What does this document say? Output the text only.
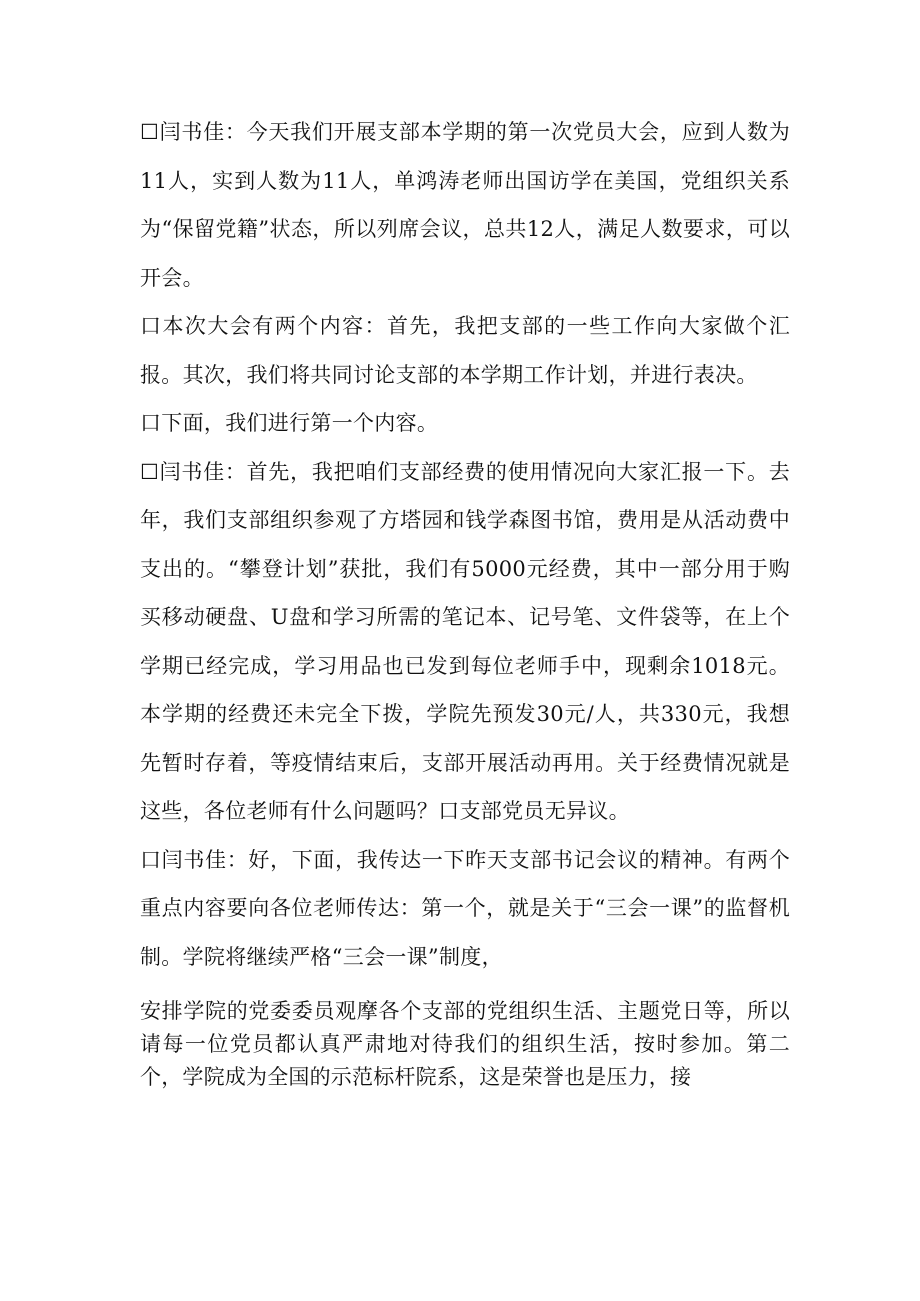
☐闫书佳：今天我们开展支部本学期的第一次党员大会，应到人数为11人，实到人数为11人，单鸿涛老师出国访学在美国，党组织关系为“保留党籍”状态，所以列席会议，总共12人，满足人数要求，可以开会。

口本次大会有两个内容：首先，我把支部的一些工作向大家做个汇报。其次，我们将共同讨论支部的本学期工作计划，并进行表决。

口下面，我们进行第一个内容。

☐闫书佳：首先，我把咱们支部经费的使用情况向大家汇报一下。去年，我们支部组织参观了方塔园和钱学森图书馆，费用是从活动费中支出的。“攀登计划”获批，我们有5000元经费，其中一部分用于购买移动硬盘、U盘和学习所需的笔记本、记号笔、文件袋等，在上个学期已经完成，学习用品也已发到每位老师手中，现剩余1018元。本学期的经费还未完全下拨，学院先预发30元/人，共330元，我想先暂时存着，等疫情结束后，支部开展活动再用。关于经费情况就是这些，各位老师有什么问题吗？口支部党员无异议。

口闫书佳：好，下面，我传达一下昨天支部书记会议的精神。有两个重点内容要向各位老师传达：第一个，就是关于“三会一课”的监督机制。学院将继续严格“三会一课”制度，

安排学院的党委委员观摩各个支部的党组织生活、主题党日等，所以请每一位党员都认真严肃地对待我们的组织生活，按时参加。第二个，学院成为全国的示范标杆院系，这是荣誉也是压力，接
